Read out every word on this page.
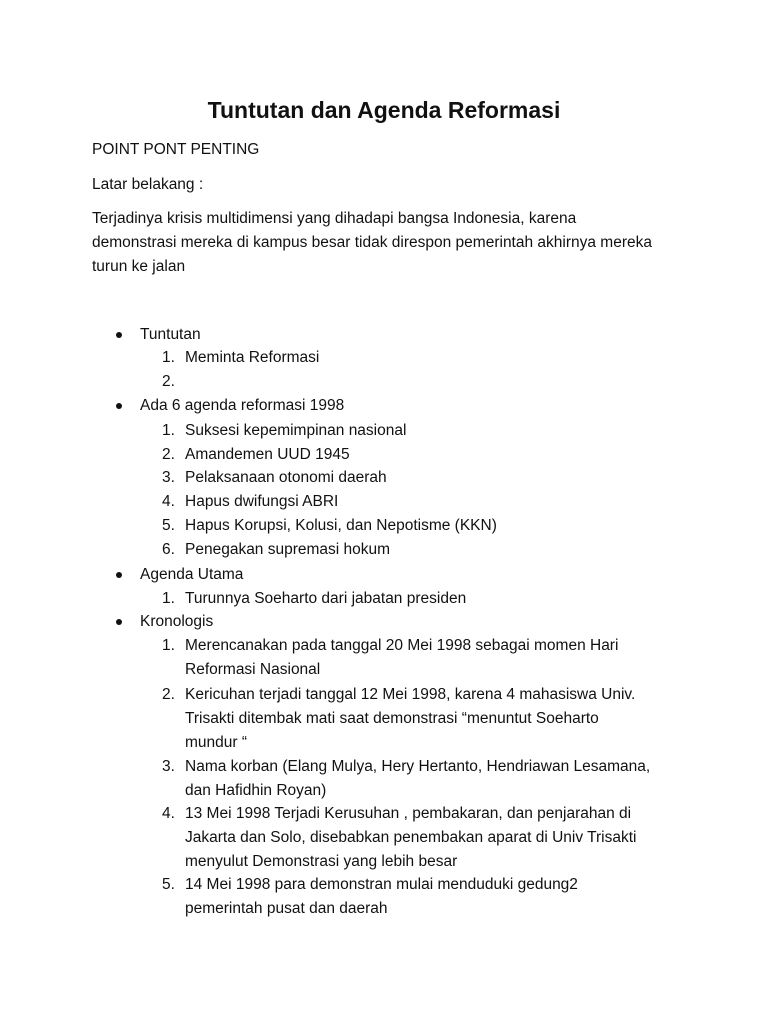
Tuntutan dan Agenda Reformasi

POINT PONT PENTING

Latar belakang :

Terjadinya krisis multidimensi yang dihadapi bangsa Indonesia, karena

demonstrasi mereka di kampus besar tidak direspon pemerintah akhirnya mereka

turun ke jalan

Tuntutan
1. Meminta Reformasi
2.
Ada 6 agenda reformasi 1998
1. Suksesi kepemimpinan nasional
2. Amandemen UUD 1945
3. Pelaksanaan otonomi daerah
4. Hapus dwifungsi ABRI
5. Hapus Korupsi, Kolusi, dan Nepotisme (KKN)
6. Penegakan supremasi hokum
Agenda Utama
1. Turunnya Soeharto dari jabatan presiden
Kronologis
1. Merencanakan pada tanggal 20 Mei 1998 sebagai momen Hari
Reformasi Nasional
2. Kericuhan terjadi tanggal 12 Mei 1998, karena 4 mahasiswa Univ.
Trisakti ditembak mati saat demonstrasi “menuntut Soeharto
mundur “
3. Nama korban (Elang Mulya, Hery Hertanto, Hendriawan Lesamana,
dan Hafidhin Royan)
4. 13 Mei 1998 Terjadi Kerusuhan , pembakaran, dan penjarahan di
Jakarta dan Solo, disebabkan penembakan aparat di Univ Trisakti
menyulut Demonstrasi yang lebih besar
5. 14 Mei 1998 para demonstran mulai menduduki gedung2
pemerintah pusat dan daerah
